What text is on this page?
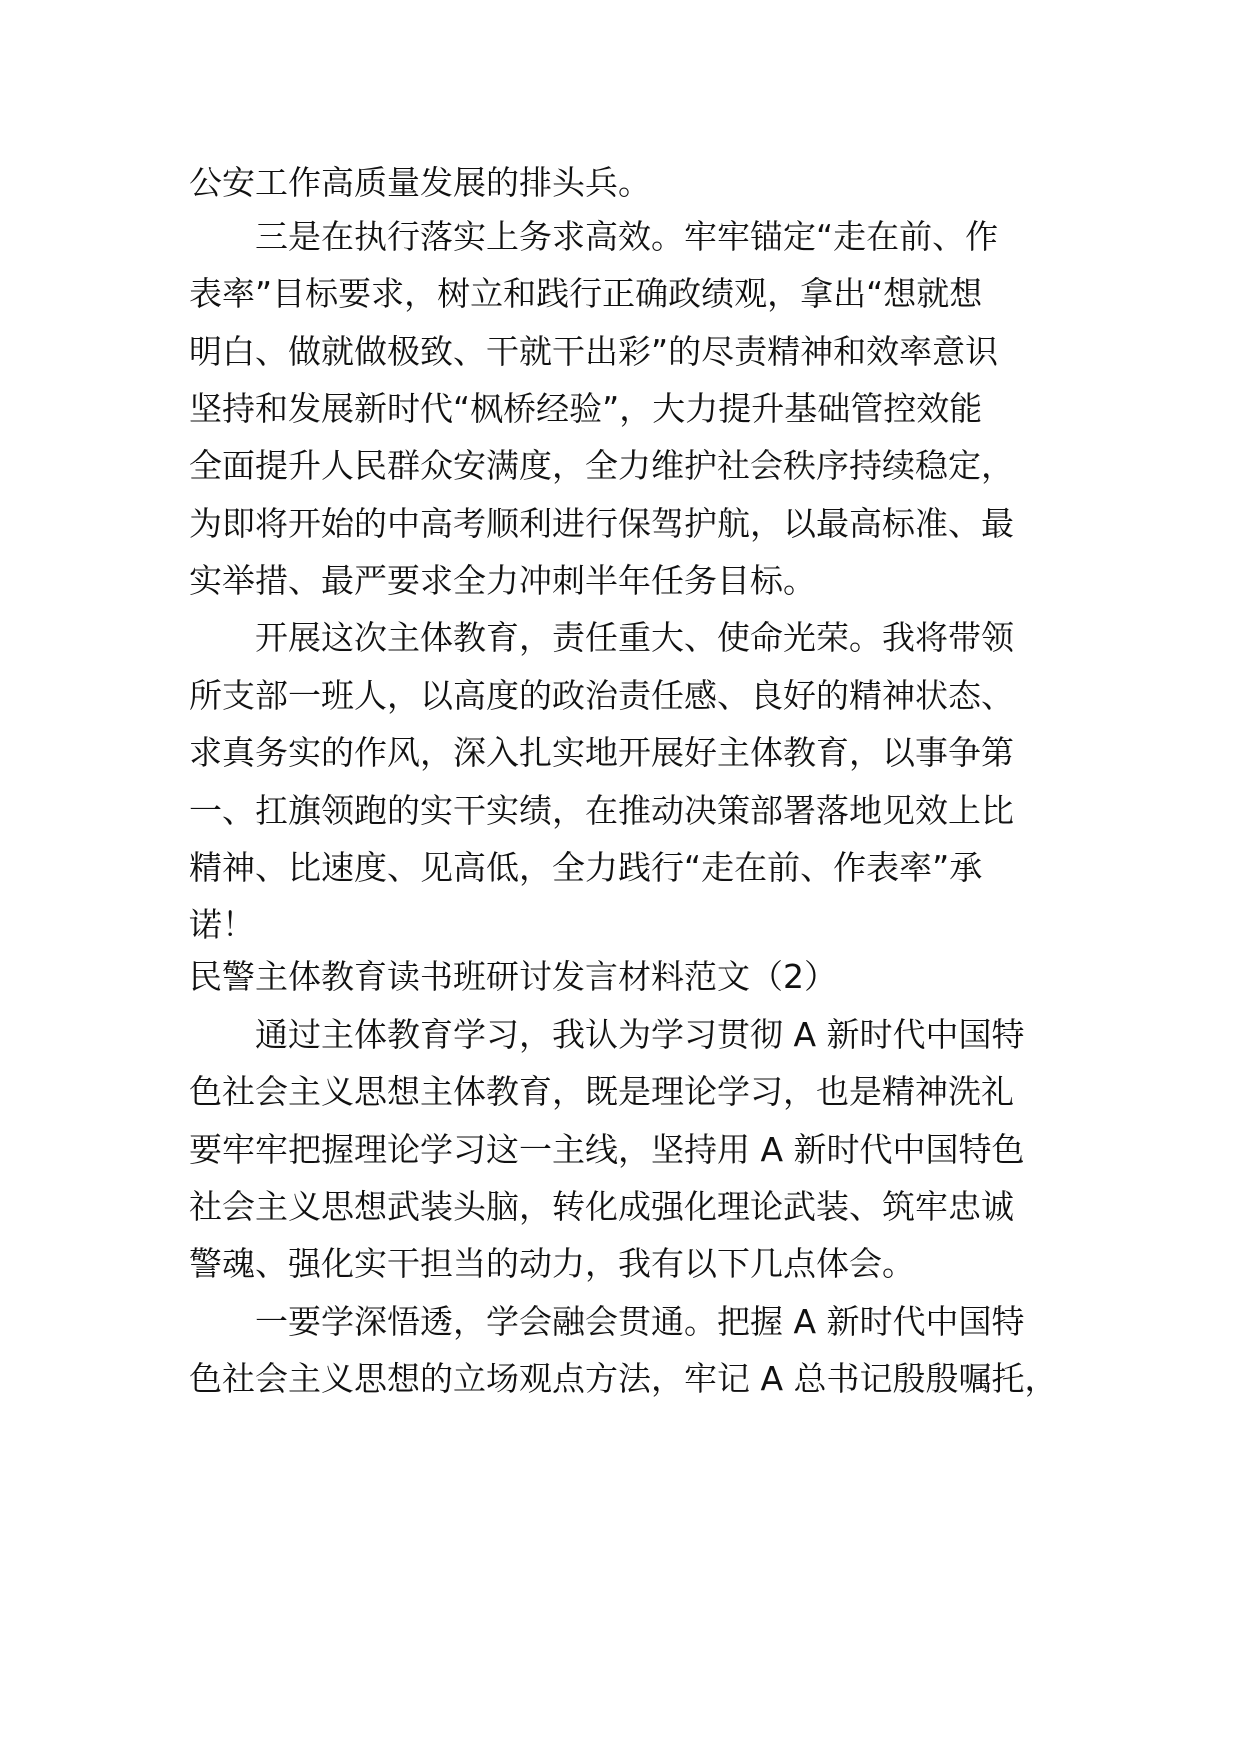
公安工作高质量发展的排头兵。
　　三是在执行落实上务求高效。牢牢锚定“走在前、作
表率”目标要求，树立和践行正确政绩观，拿出“想就想
明白、做就做极致、干就干出彩”的尽责精神和效率意识
坚持和发展新时代“枫桥经验”，大力提升基础管控效能
全面提升人民群众安满度，全力维护社会秩序持续稳定，
为即将开始的中高考顺利进行保驾护航，以最高标准、最
实举措、最严要求全力冲刺半年任务目标。
　　开展这次主体教育，责任重大、使命光荣。我将带领
所支部一班人，以高度的政治责任感、良好的精神状态、
求真务实的作风，深入扎实地开展好主体教育，以事争第
一、扛旗领跑的实干实绩，在推动决策部署落地见效上比
精神、比速度、见高低，全力践行“走在前、作表率”承
诺！
民警主体教育读书班研讨发言材料范文（2）
　　通过主体教育学习，我认为学习贯彻 A 新时代中国特
色社会主义思想主体教育，既是理论学习，也是精神洗礼
要牢牢把握理论学习这一主线，坚持用 A 新时代中国特色
社会主义思想武装头脑，转化成强化理论武装、筑牢忠诚
警魂、强化实干担当的动力，我有以下几点体会。
　　一要学深悟透，学会融会贯通。把握 A 新时代中国特
色社会主义思想的立场观点方法，牢记 A 总书记殷殷嘱托，
